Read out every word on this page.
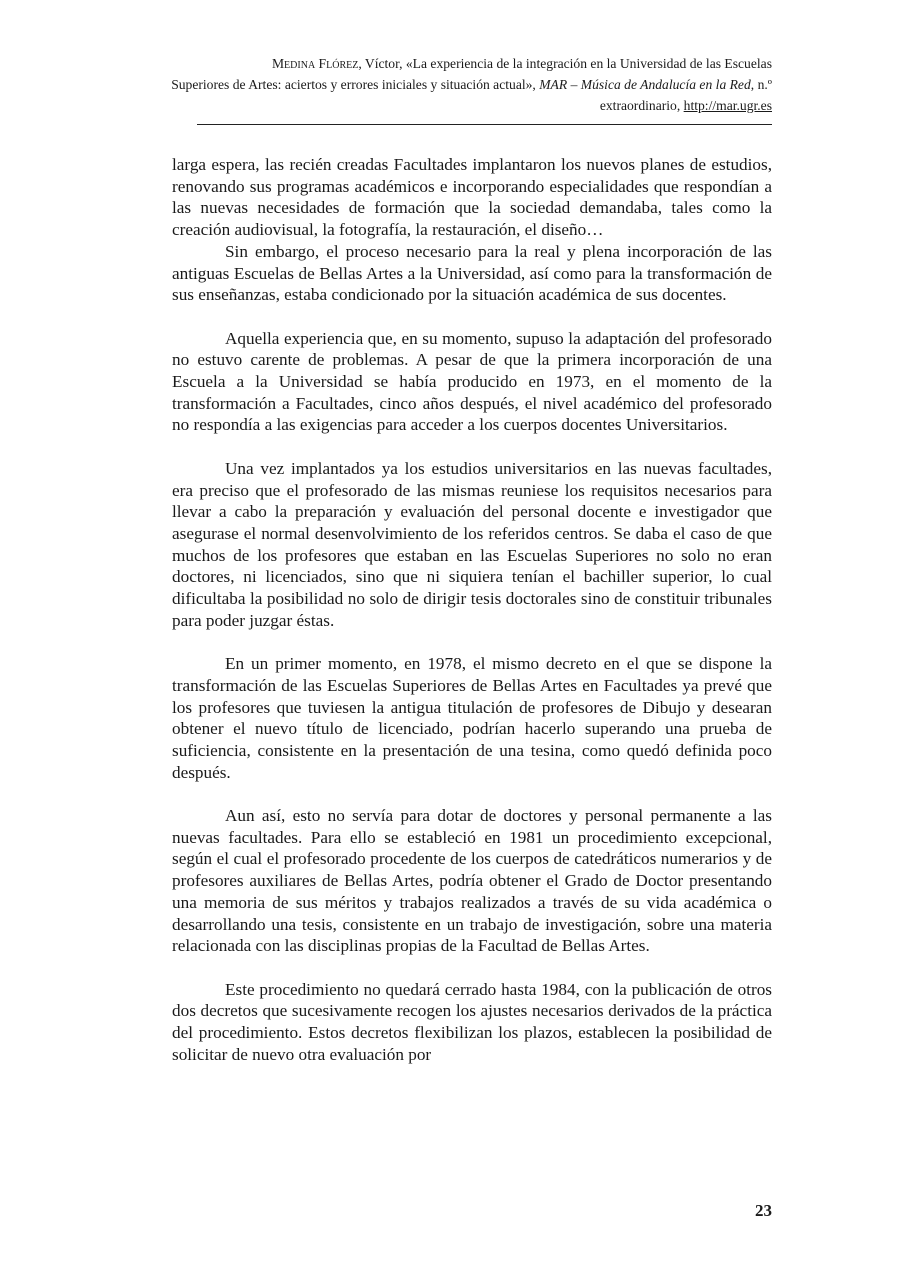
Medina Flórez, Víctor, «La experiencia de la integración en la Universidad de las Escuelas
Superiores de Artes: aciertos y errores iniciales y situación actual», MAR – Música de Andalucía en la Red, n.º extraordinario, http://mar.ugr.es

larga espera, las recién creadas Facultades implantaron los nuevos planes de estudios, renovando sus programas académicos e incorporando especialidades que respondían a las nuevas necesidades de formación que la sociedad demandaba, tales como la creación audiovisual, la fotografía, la restauración, el diseño…

Sin embargo, el proceso necesario para la real y plena incorporación de las antiguas Escuelas de Bellas Artes a la Universidad, así como para la transformación de sus enseñanzas, estaba condicionado por la situación académica de sus docentes.

Aquella experiencia que, en su momento, supuso la adaptación del profesorado no estuvo carente de problemas. A pesar de que la primera incorporación de una Escuela a la Universidad se había producido en 1973, en el momento de la transformación a Facultades, cinco años después, el nivel académico del profesorado no respondía a las exigencias para acceder a los cuerpos docentes Universitarios.

Una vez implantados ya los estudios universitarios en las nuevas facultades, era preciso que el profesorado de las mismas reuniese los requisitos necesarios para llevar a cabo la preparación y evaluación del personal docente e investigador que asegurase el normal desenvolvimiento de los referidos centros. Se daba el caso de que muchos de los profesores que estaban en las Escuelas Superiores no solo no eran doctores, ni licenciados, sino que ni siquiera tenían el bachiller superior, lo cual dificultaba la posibilidad no solo de dirigir tesis doctorales sino de constituir tribunales para poder juzgar éstas.

En un primer momento, en 1978, el mismo decreto en el que se dispone la transformación de las Escuelas Superiores de Bellas Artes en Facultades ya prevé que los profesores que tuviesen la antigua titulación de profesores de Dibujo y desearan obtener el nuevo título de licenciado, podrían hacerlo superando una prueba de suficiencia, consistente en la presentación de una tesina, como quedó definida poco después.

Aun así, esto no servía para dotar de doctores y personal permanente a las nuevas facultades. Para ello se estableció en 1981 un procedimiento excepcional, según el cual el profesorado procedente de los cuerpos de catedráticos numerarios y de profesores auxiliares de Bellas Artes, podría obtener el Grado de Doctor presentando una memoria de sus méritos y trabajos realizados a través de su vida académica o desarrollando una tesis, consistente en un trabajo de investigación, sobre una materia relacionada con las disciplinas propias de la Facultad de Bellas Artes.

Este procedimiento no quedará cerrado hasta 1984, con la publicación de otros dos decretos que sucesivamente recogen los ajustes necesarios derivados de la práctica del procedimiento. Estos decretos flexibilizan los plazos, establecen la posibilidad de solicitar de nuevo otra evaluación por

23
